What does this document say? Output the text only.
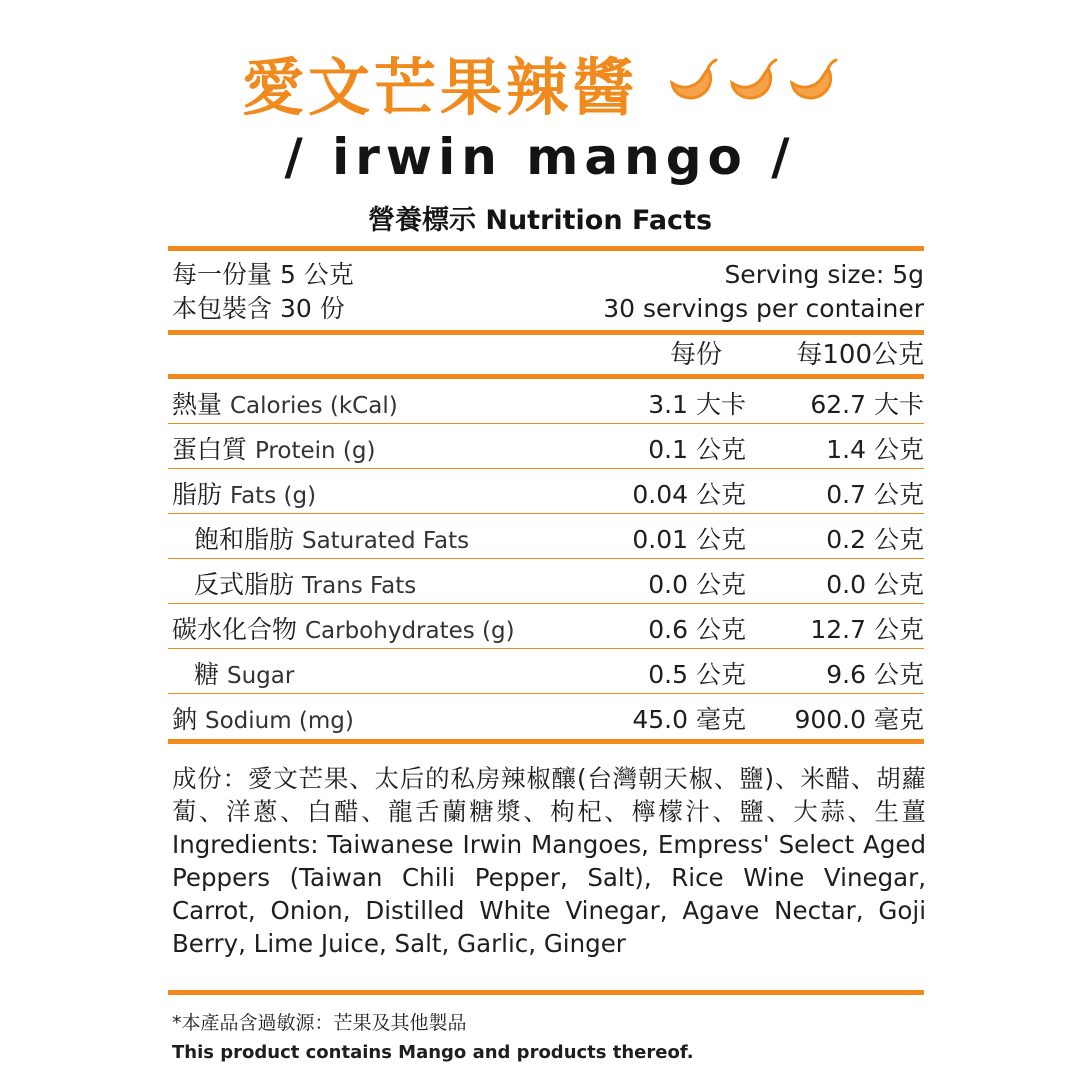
愛文芒果辣醬
/ irwin mango /
營養標示 Nutrition Facts
每一份量 5 公克
本包裝含 30 份
Serving size: 5g
30 servings per container
每份	每100公克
熱量 Calories (kCal)	3.1 大卡	62.7 大卡
蛋白質 Protein (g)	0.1 公克	1.4 公克
脂肪 Fats (g)	0.04 公克	0.7 公克
飽和脂肪 Saturated Fats	0.01 公克	0.2 公克
反式脂肪 Trans Fats	0.0 公克	0.0 公克
碳水化合物 Carbohydrates (g)	0.6 公克	12.7 公克
糖 Sugar	0.5 公克	9.6 公克
鈉 Sodium (mg)	45.0 毫克 900.0 毫克
成份：愛文芒果、太后的私房辣椒釀(台灣朝天椒、鹽)、米醋、胡蘿蔔、洋蔥、白醋、龍舌蘭糖漿、枸杞、檸檬汁、鹽、大蒜、生薑 Ingredients: Taiwanese Irwin Mangoes, Empress' Select Aged Peppers (Taiwan Chili Pepper, Salt), Rice Wine Vinegar, Carrot, Onion, Distilled White Vinegar, Agave Nectar, Goji Berry, Lime Juice, Salt, Garlic, Ginger
*本產品含過敏源：芒果及其他製品
This product contains Mango and products thereof.
